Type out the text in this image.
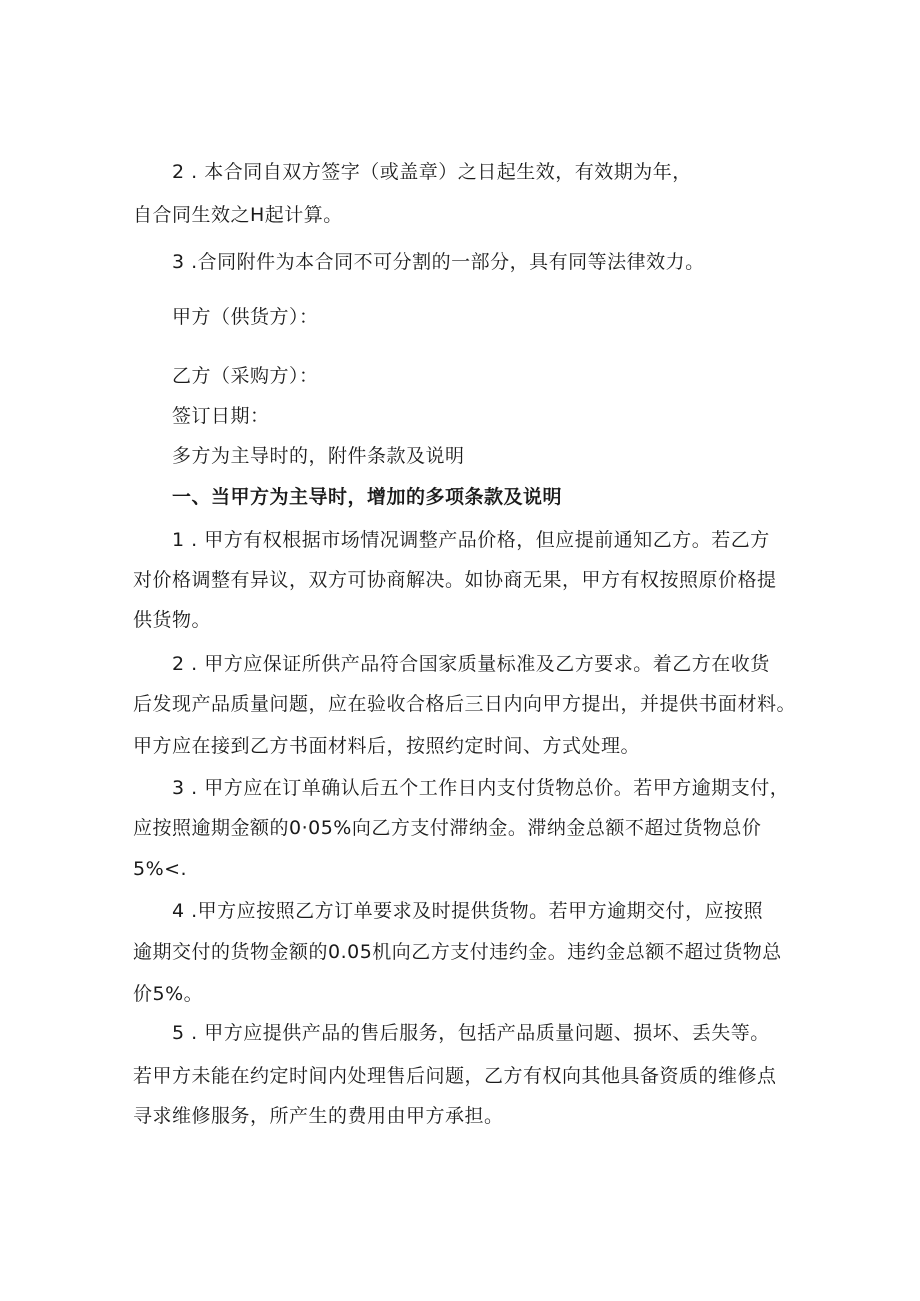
2 . 本合同自双方签字（或盖章）之日起生效，有效期为年，
自合同生效之H起计算。
3 .合同附件为本合同不可分割的一部分，具有同等法律效力。
甲方（供货方）：
乙方（采购方）：
签订日期：
多方为主导时的，附件条款及说明
一、当甲方为主导时，增加的多项条款及说明
1 . 甲方有权根据市场情况调整产品价格，但应提前通知乙方。若乙方
对价格调整有异议，双方可协商解决。如协商无果，甲方有权按照原价格提
供货物。
2 . 甲方应保证所供产品符合国家质量标准及乙方要求。着乙方在收货
后发现产品质量问题，应在验收合格后三日内向甲方提出，并提供书面材料。
甲方应在接到乙方书面材料后，按照约定时间、方式处理。
3 . 甲方应在订单确认后五个工作日内支付货物总价。若甲方逾期支付，
应按照逾期金额的0·05%向乙方支付滞纳金。滞纳金总额不超过货物总价
5%<.
4 .甲方应按照乙方订单要求及时提供货物。若甲方逾期交付，应按照
逾期交付的货物金额的0.05机向乙方支付违约金。违约金总额不超过货物总
价5%。
5 . 甲方应提供产品的售后服务，包括产品质量问题、损坏、丢失等。
若甲方未能在约定时间内处理售后问题，乙方有权向其他具备资质的维修点
寻求维修服务，所产生的费用由甲方承担。
